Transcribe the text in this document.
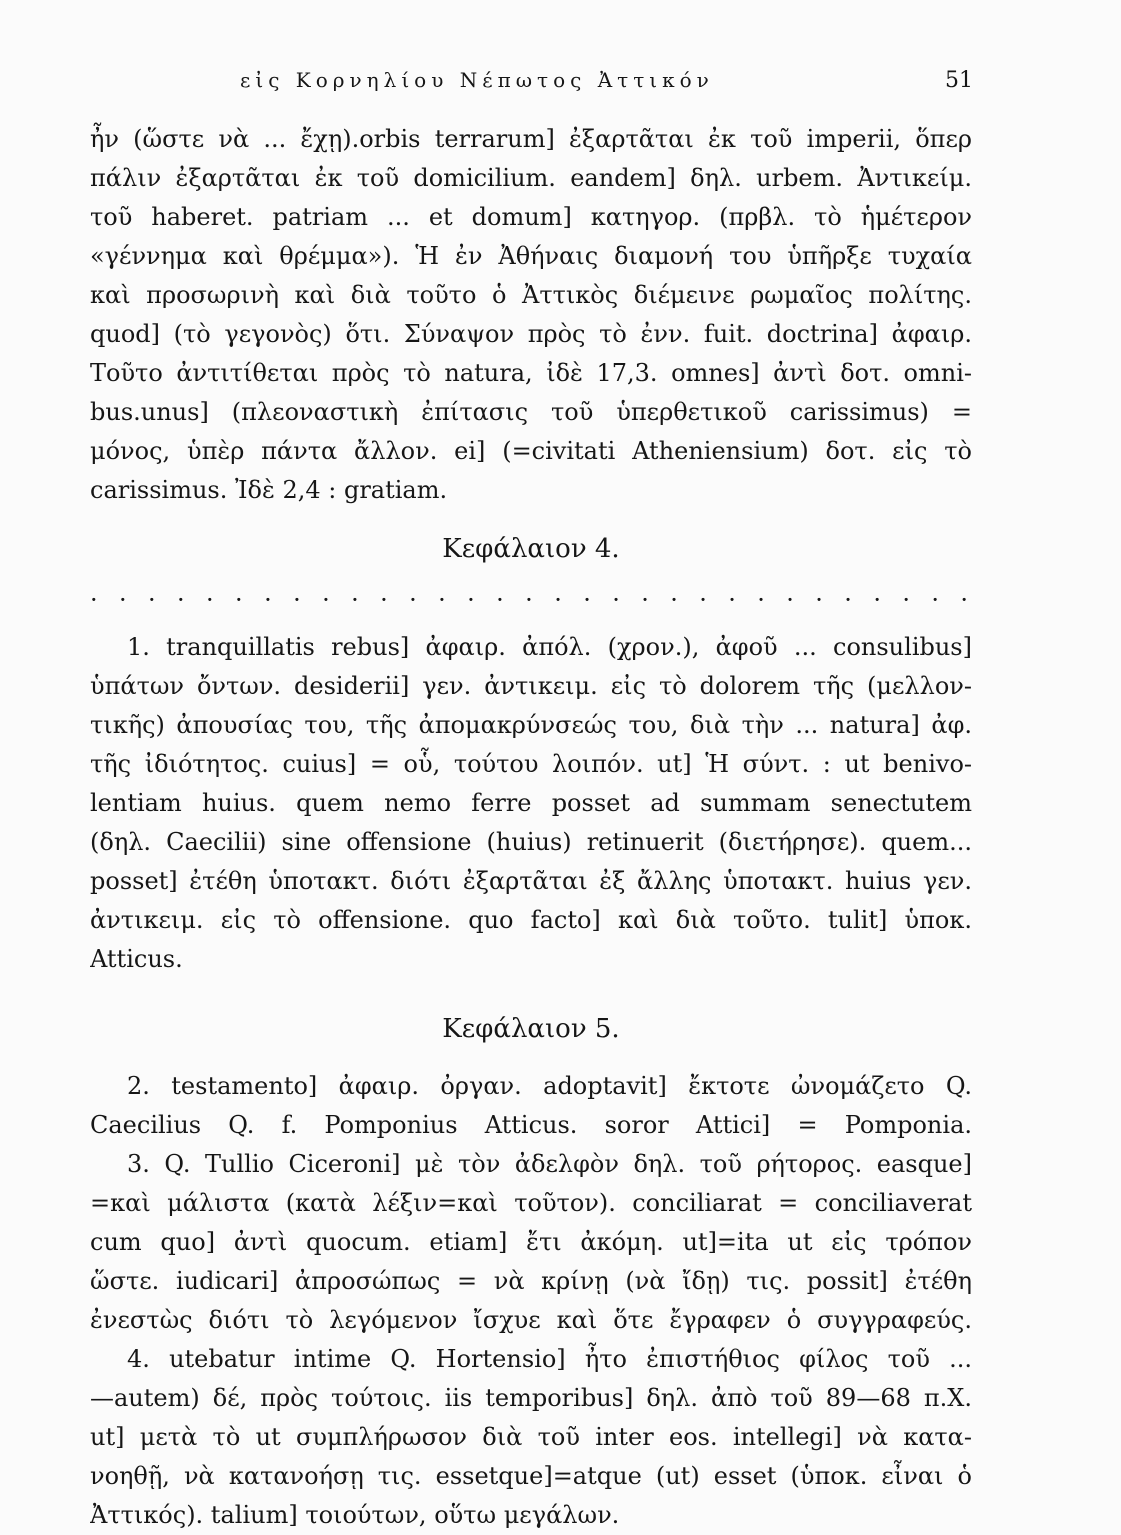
εἰς Κορνηλίου Νέπωτος Ἀττικόν	51
ἦν (ὥστε νὰ ... ἔχῃ).orbis terrarum] ἐξαρτᾶται ἐκ τοῦ imperii, ὅπερ
πάλιν ἐξαρτᾶται ἐκ τοῦ domicilium. eandem] δηλ. urbem. Ἀντικείμ.
τοῦ haberet. patriam ... et domum] κατηγορ. (πρβλ. τὸ ἡμέτερον
«γέννημα καὶ θρέμμα»). Ἡ ἐν Ἀθήναις διαμονή του ὑπῆρξε τυχαία
καὶ προσωρινὴ καὶ διὰ τοῦτο ὁ Ἀττικὸς διέμεινε ρωμαῖος πολίτης.
quod] (τὸ γεγονὸς) ὅτι. Σύναψον πρὸς τὸ ἐνν. fuit. doctrina] ἀφαιρ.
Τοῦτο ἀντιτίθεται πρὸς τὸ natura, ἰδὲ 17,3. omnes] ἀντὶ δοτ. omni-
bus.unus] (πλεοναστικὴ ἐπίτασις τοῦ ὑπερθετικοῦ carissimus) =
μόνος, ὑπὲρ πάντα ἄλλον. ei] (=civitati Atheniensium) δοτ. εἰς τὸ
carissimus. Ἰδὲ 2,4 : gratiam.
Κεφάλαιον 4.
· · · · · · · · · · · · · · · · · · · · · · · · · · · · · · ·
1. tranquillatis rebus] ἀφαιρ. ἀπόλ. (χρον.), ἀφοῦ ... consulibus]
ὑπάτων ὄντων. desiderii] γεν. ἀντικειμ. εἰς τὸ dolorem τῆς (μελλον-
τικῆς) ἀπουσίας του, τῆς ἀπομακρύνσεώς του, διὰ τὴν ... natura] ἀφ.
τῆς ἰδιότητος. cuius] = οὗ, τούτου λοιπόν. ut] Ἡ σύντ. : ut benivo-
lentiam huius. quem nemo ferre posset ad summam senectutem
(δηλ. Caecilii) sine offensione (huius) retinuerit (διετήρησε). quem...
posset] ἐτέθη ὑποτακτ. διότι ἐξαρτᾶται ἐξ ἄλλης ὑποτακτ. huius γεν.
ἀντικειμ. εἰς τὸ offensione. quo facto] καὶ διὰ τοῦτο. tulit] ὑποκ.
Atticus.
Κεφάλαιον 5.
2. testamento] ἀφαιρ. ὀργαν. adoptavit] ἔκτοτε ὠνομάζετο Q.
Caecilius Q. f. Pomponius Atticus. soror Attici] = Pomponia.
3. Q. Tullio Ciceroni] μὲ τὸν ἀδελφὸν δηλ. τοῦ ρήτορος. easque]
=καὶ μάλιστα (κατὰ λέξιν=καὶ τοῦτον). conciliarat = conciliaverat
cum quo] ἀντὶ quocum. etiam] ἔτι ἀκόμη. ut]=ita ut εἰς τρόπον
ὥστε. iudicari] ἀπροσώπως = νὰ κρίνῃ (νὰ ἴδῃ) τις. possit] ἐτέθη
ἐνεστὼς διότι τὸ λεγόμενον ἴσχυε καὶ ὅτε ἔγραφεν ὁ συγγραφεύς.
4. utebatur intime Q. Hortensio] ἦτο ἐπιστήθιος φίλος τοῦ ...
—autem) δέ, πρὸς τούτοις. iis temporibus] δηλ. ἀπὸ τοῦ 89—68 π.Χ.
ut] μετὰ τὸ ut συμπλήρωσον διὰ τοῦ inter eos. intellegi] νὰ κατα-
νοηθῇ, νὰ κατανοήσῃ τις. essetque]=atque (ut) esset (ὑποκ. εἶναι ὁ
Ἀττικός). talium] τοιούτων, οὕτω μεγάλων.
